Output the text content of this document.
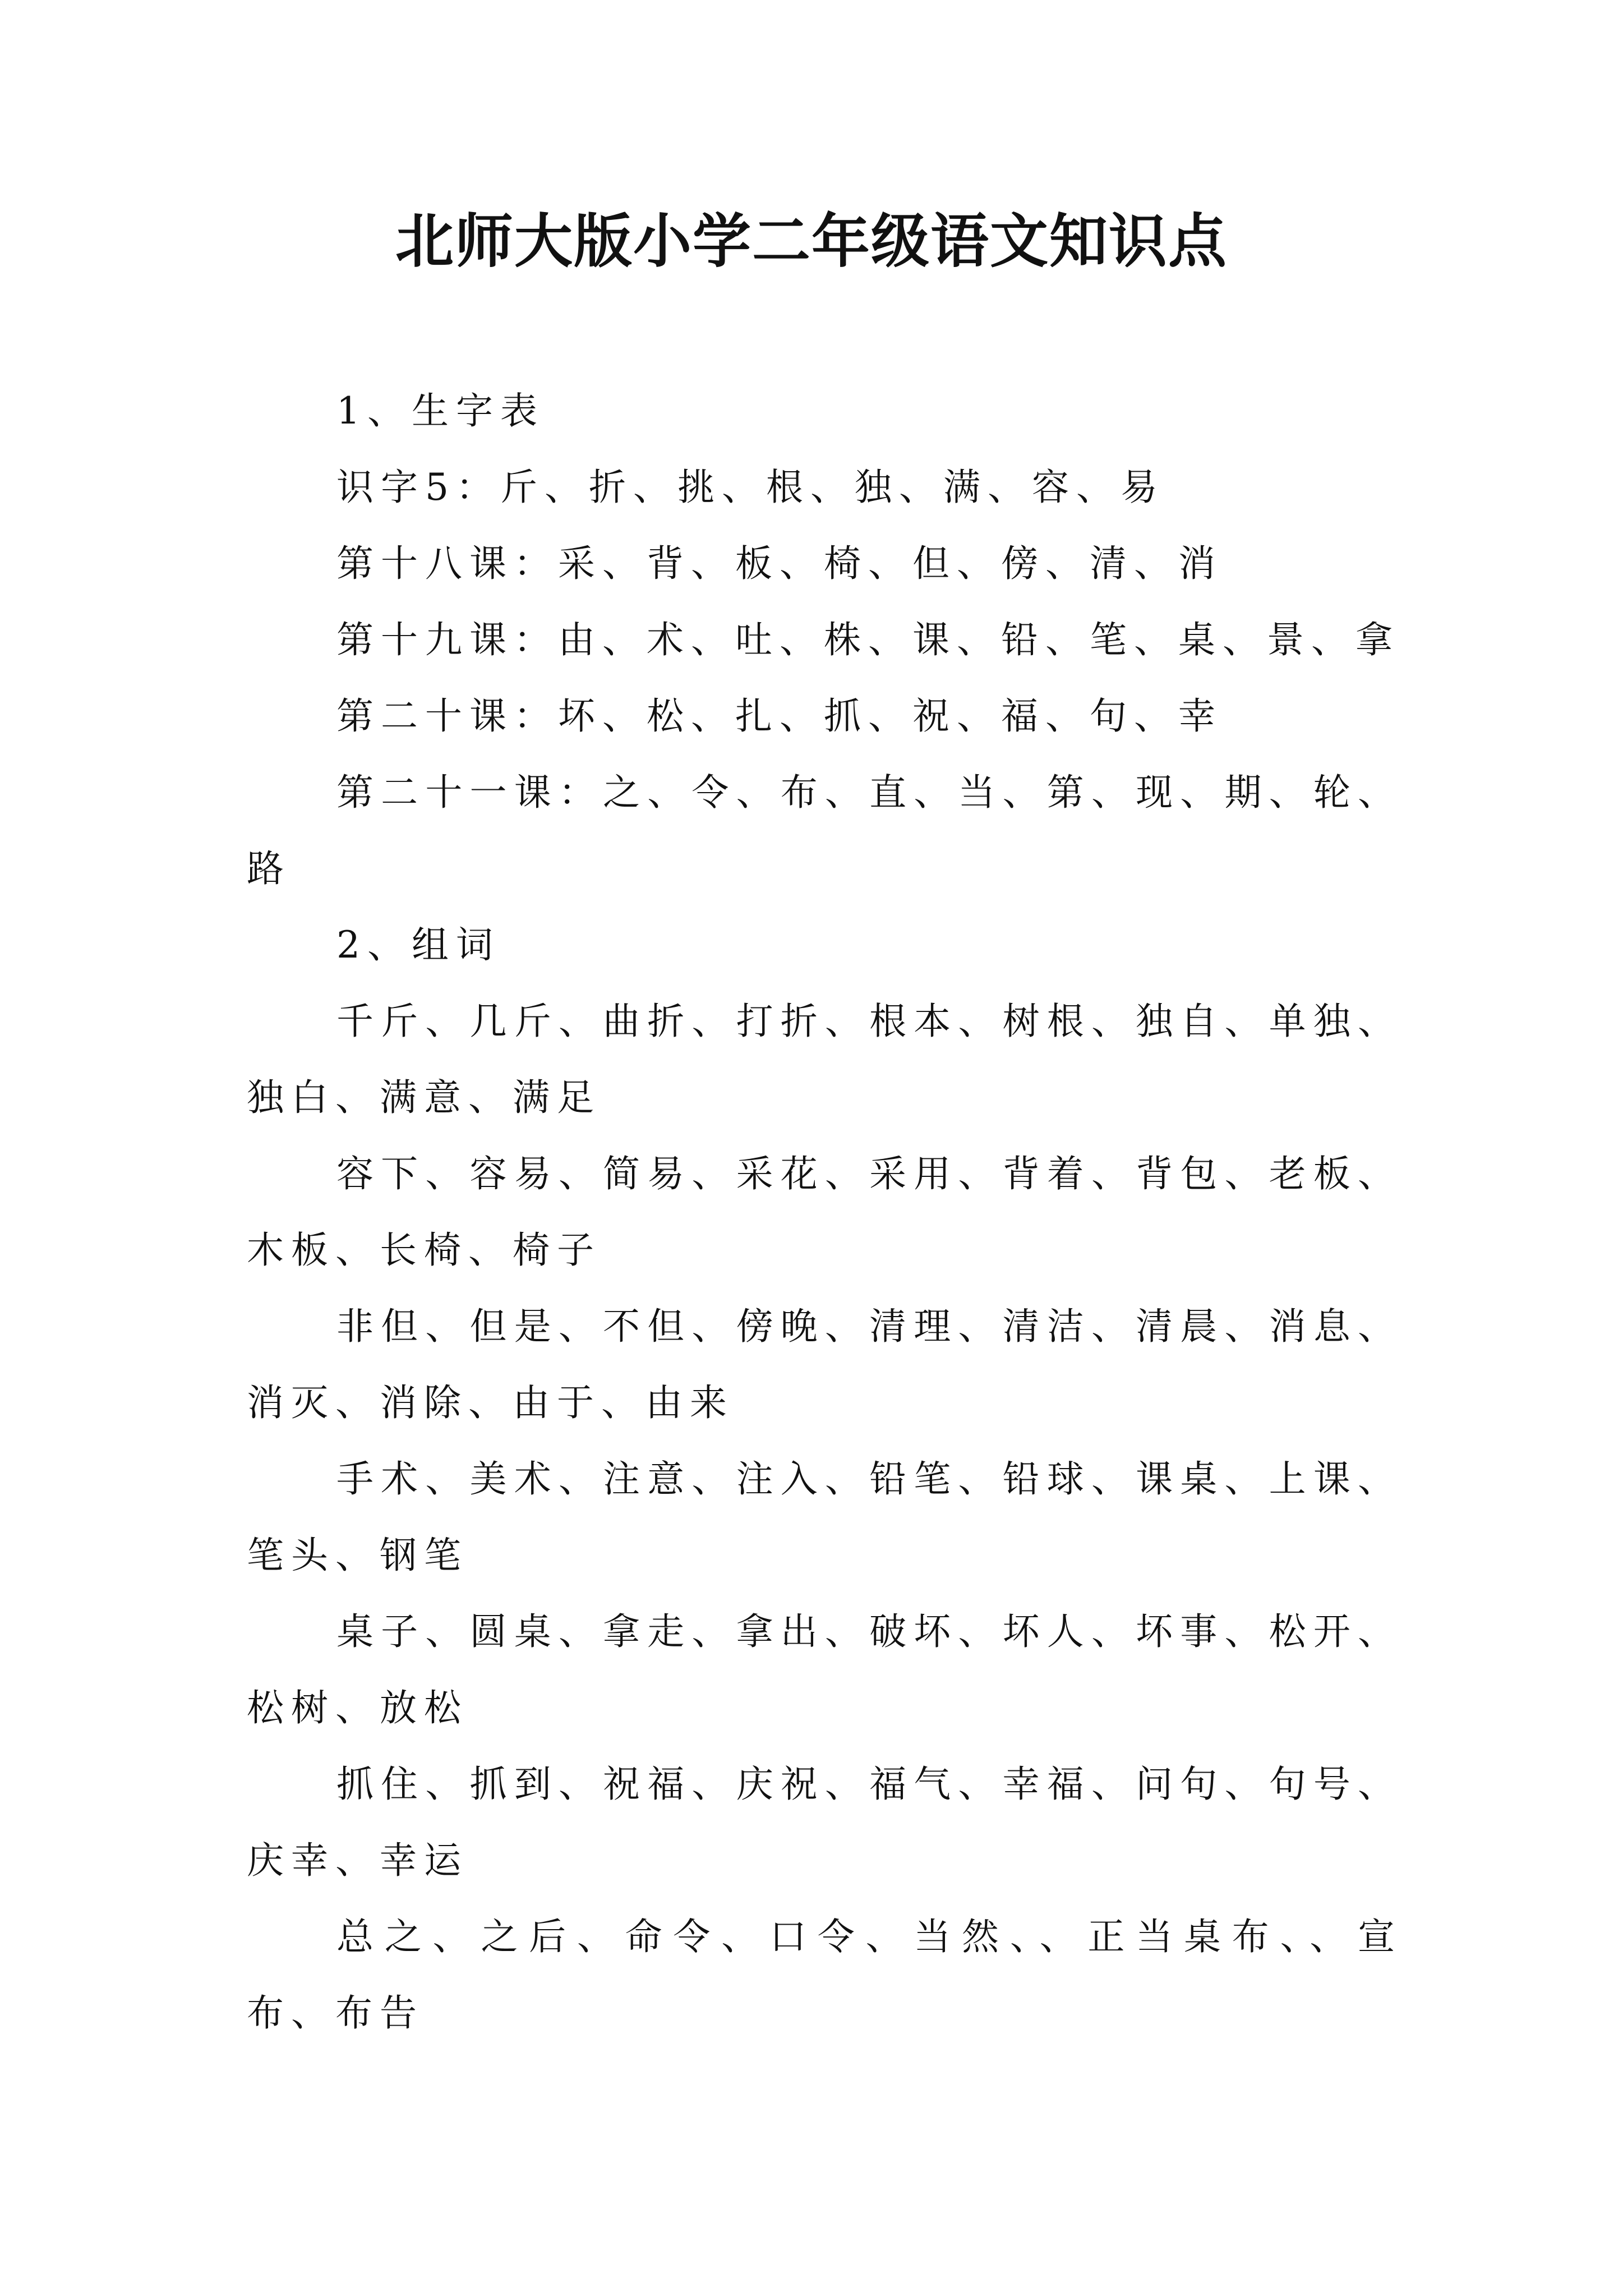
北师大版小学二年级语文知识点

1、生字表

识字5：斤、折、挑、根、独、满、容、易

第十八课：采、背、板、椅、但、傍、清、消

第十九课：由、术、吐、株、课、铅、笔、桌、景、拿

第二十课：坏、松、扎、抓、祝、福、句、幸

第二十一课：之、令、布、直、当、第、现、期、轮、路

2、组词

千斤、几斤、曲折、打折、根本、树根、独自、单独、独白、满意、满足

容下、容易、简易、采花、采用、背着、背包、老板、木板、长椅、椅子

非但、但是、不但、傍晚、清理、清洁、清晨、消息、消灭、消除、由于、由来

手术、美术、注意、注入、铅笔、铅球、课桌、上课、笔头、钢笔

桌子、圆桌、拿走、拿出、破坏、坏人、坏事、松开、松树、放松

抓住、抓到、祝福、庆祝、福气、幸福、问句、句号、庆幸、幸运

总之、之后、命令、口令、当然、、正当桌布、、宣布、布告
